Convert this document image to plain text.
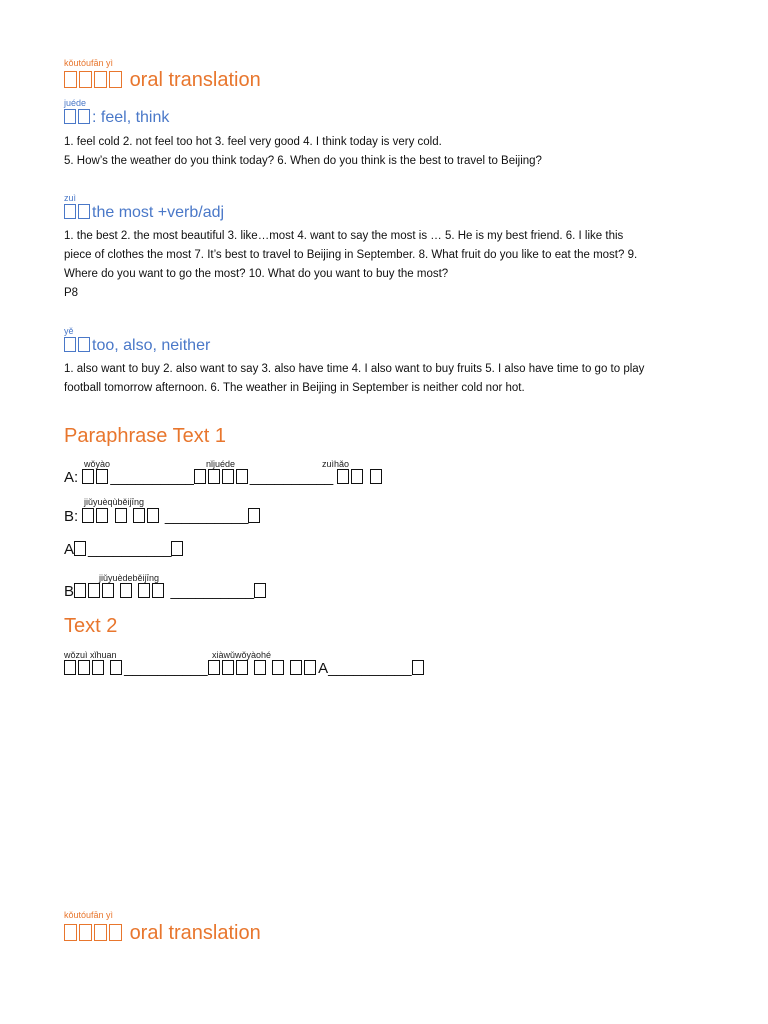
kǒutóufān yì
oral translation
juéde
: feel, think
1. feel cold 2. not feel too hot 3. feel very good 4. I think today is very cold.
5. How’s the weather do you think today? 6. When do you think is the best to travel to Beijing?
zuì
the most +verb/adj
1. the best 2. the most beautiful 3. like…most 4. want to say the most is … 5. He is my best friend. 6. I like this
piece of clothes the most 7. It’s best to travel to Beijing in September. 8. What fruit do you like to eat the most? 9.
Where do you want to go the most? 10. What do you want to buy the most?
P8
yě
too, also, neither
1. also want to buy 2. also want to say 3. also have time 4. I also want to buy fruits 5. I also have time to go to play
football tomorrow afternoon. 6. The weather in Beijing in September is neither cold nor hot.
Paraphrase Text 1
wǒyào	nǐjuéde	zuìhǎo
A: __________	__________
jiǔyuèqùběijīng
B:	__________
A __________
jiǔyuèdeběijīng
B	__________
Text 2
wǒzuì xǐhuan	xiàwǔwǒyàohé
__________	A__________
kǒutóufān yì
oral translation
